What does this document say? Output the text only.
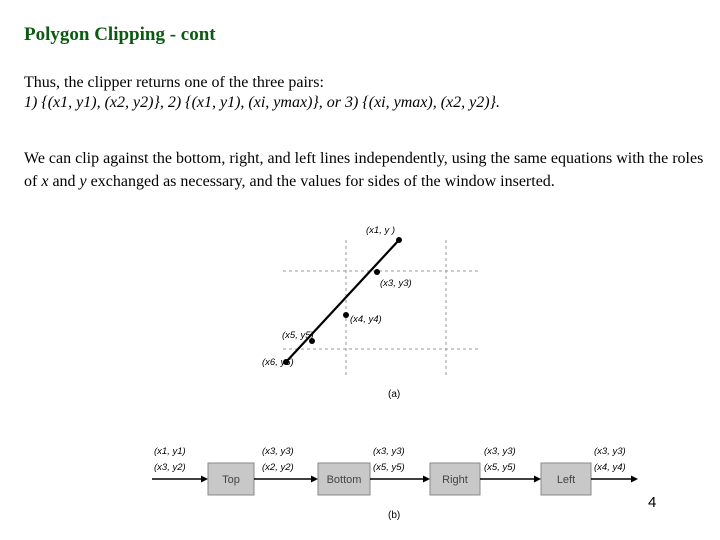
Polygon Clipping - cont
Thus, the clipper returns one of the three pairs:
1) {(x1, y1), (x2, y2)}, 2) {(x1, y1), (xi, ymax)}, or 3) {(xi, ymax), (x2, y2)}.
We can clip against the bottom, right, and left lines independently, using the same equations with the roles of x and y exchanged as necessary, and the values for sides of the window inserted.
(x1, y )
(x3, y3)
(x4, y4)
(x5, y5)
(x6, y6)
(a)
Top	Bottom	Right	Left
(x1, y1)
(x3, y2)
(x3, y3)
(x2, y2)
(x3, y3)
(x5, y5)
(x3, y3)
(x5, y5)
(x3, y3)
(x4, y4)
(b)
4
